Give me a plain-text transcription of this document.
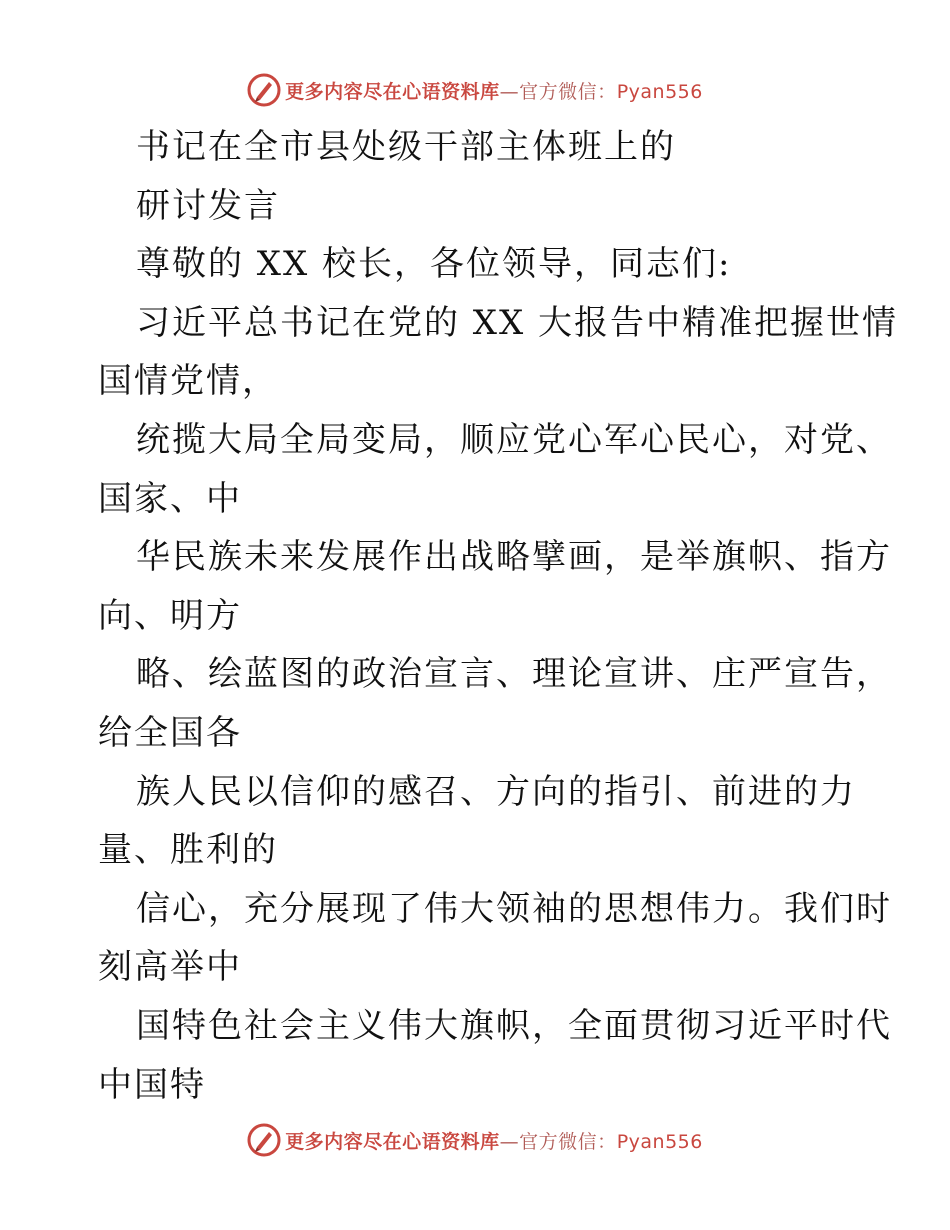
更多内容尽在心语资料库—官方微信：Pyan556
书记在全市县处级干部主体班上的
研讨发言
尊敬的 XX 校长，各位领导，同志们:
习近平总书记在党的 XX 大报告中精准把握世情
国情党情，
统揽大局全局变局，顺应党心军心民心，对党、
国家、中
华民族未来发展作出战略擘画，是举旗帜、指方
向、明方
略、绘蓝图的政治宣言、理论宣讲、庄严宣告，
给全国各
族人民以信仰的感召、方向的指引、前进的力
量、胜利的
信心，充分展现了伟大领袖的思想伟力。我们时
刻高举中
国特色社会主义伟大旗帜，全面贯彻习近平时代
中国特
更多内容尽在心语资料库—官方微信：Pyan556
